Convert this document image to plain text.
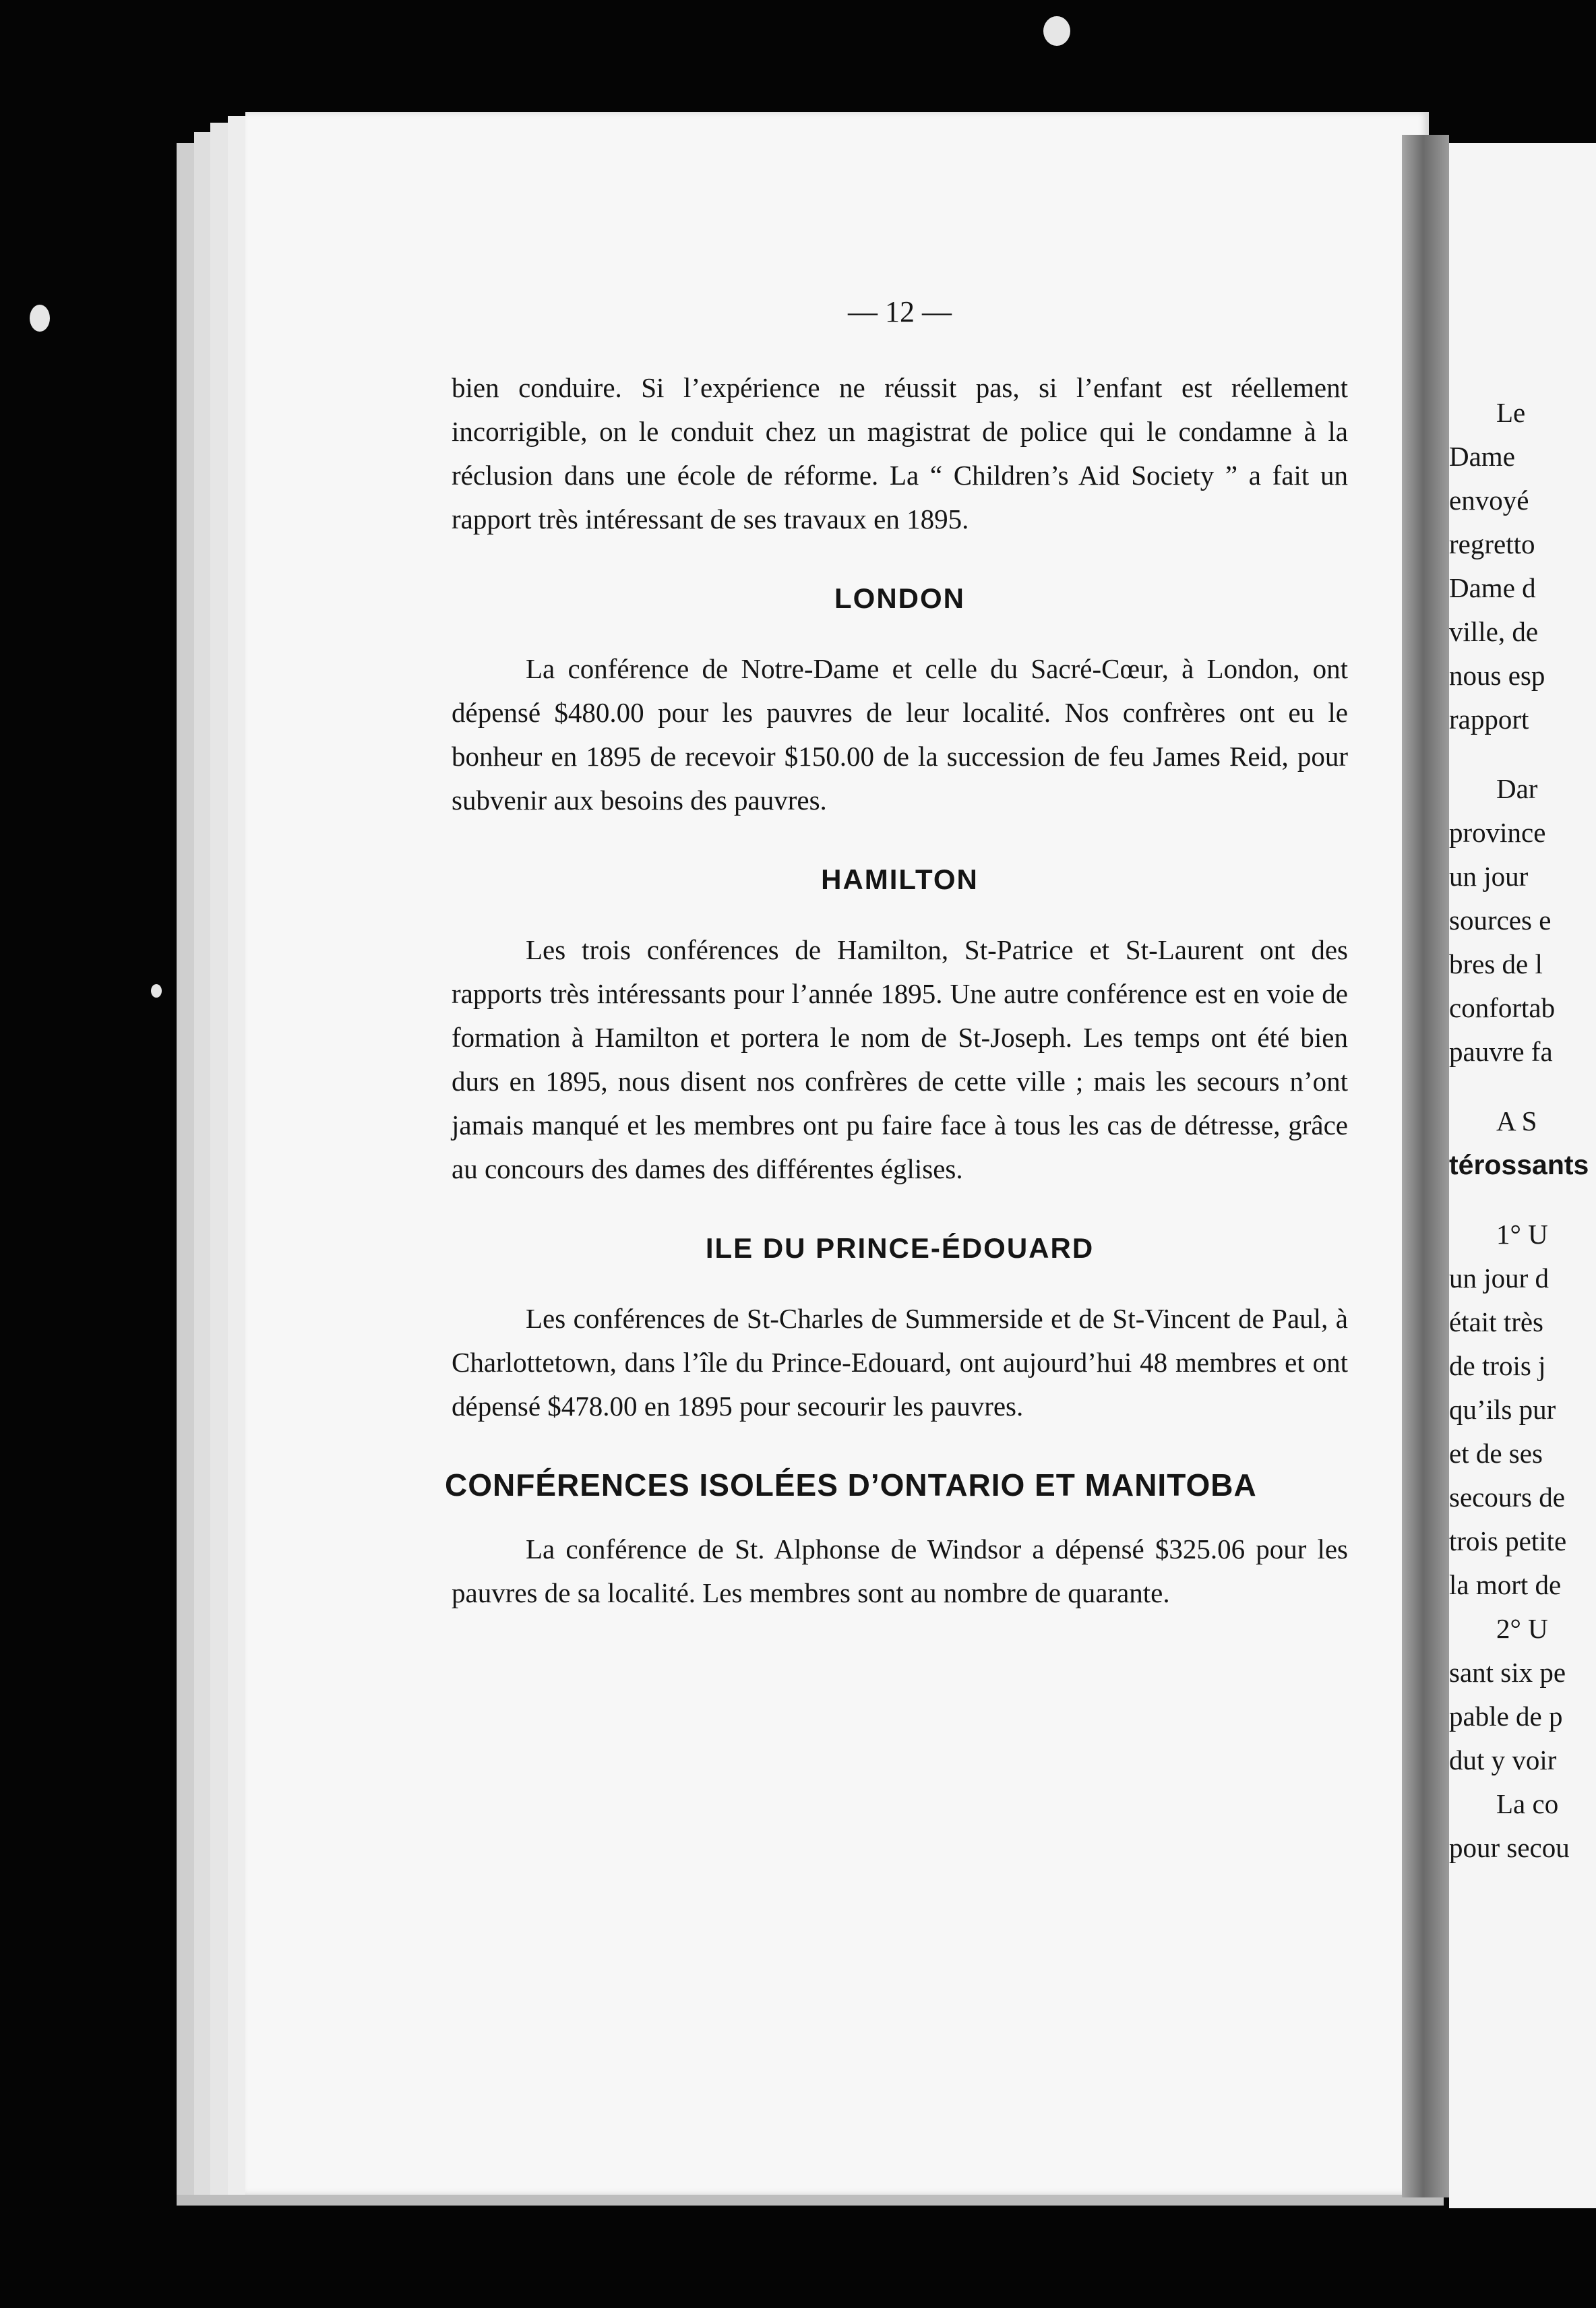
— 12 —

bien conduire. Si l’expérience ne réussit pas, si l’enfant est réellement incorrigible, on le conduit chez un magistrat de police qui le condamne à la réclusion dans une école de réforme. La “ Children’s Aid Society ” a fait un rapport très intéressant de ses travaux en 1895.

LONDON

La conférence de Notre-Dame et celle du Sacré-Cœur, à London, ont dépensé $480.00 pour les pauvres de leur localité. Nos confrères ont eu le bonheur en 1895 de recevoir $150.00 de la succession de feu James Reid, pour subvenir aux besoins des pauvres.

HAMILTON

Les trois conférences de Hamilton, St-Patrice et St-Laurent ont des rapports très intéressants pour l’année 1895. Une autre conférence est en voie de formation à Hamilton et portera le nom de St-Joseph. Les temps ont été bien durs en 1895, nous disent nos confrères de cette ville ; mais les secours n’ont jamais manqué et les membres ont pu faire face à tous les cas de détresse, grâce au concours des dames des différentes églises.

ILE DU PRINCE-ÉDOUARD

Les conférences de St-Charles de Summerside et de St-Vincent de Paul, à Charlottetown, dans l’île du Prince-Edouard, ont aujourd’hui 48 membres et ont dépensé $478.00 en 1895 pour secourir les pauvres.

CONFÉRENCES ISOLÉES D’ONTARIO ET MANITOBA

La conférence de St. Alphonse de Windsor a dépensé $325.06 pour les pauvres de sa localité. Les membres sont au nombre de quarante.

Le
Dame
envoyé
regretto
Dame d
ville, de
nous esp
rapport
Dar
province
un jour
sources e
bres de l
confortab
pauvre fa
A S
térossants
1° U
un jour d
était très
de trois j
qu’ils pur
et de ses
secours de
trois petite
la mort de
2° U
sant six pe
pable de p
dut y voir
La co
pour secou
